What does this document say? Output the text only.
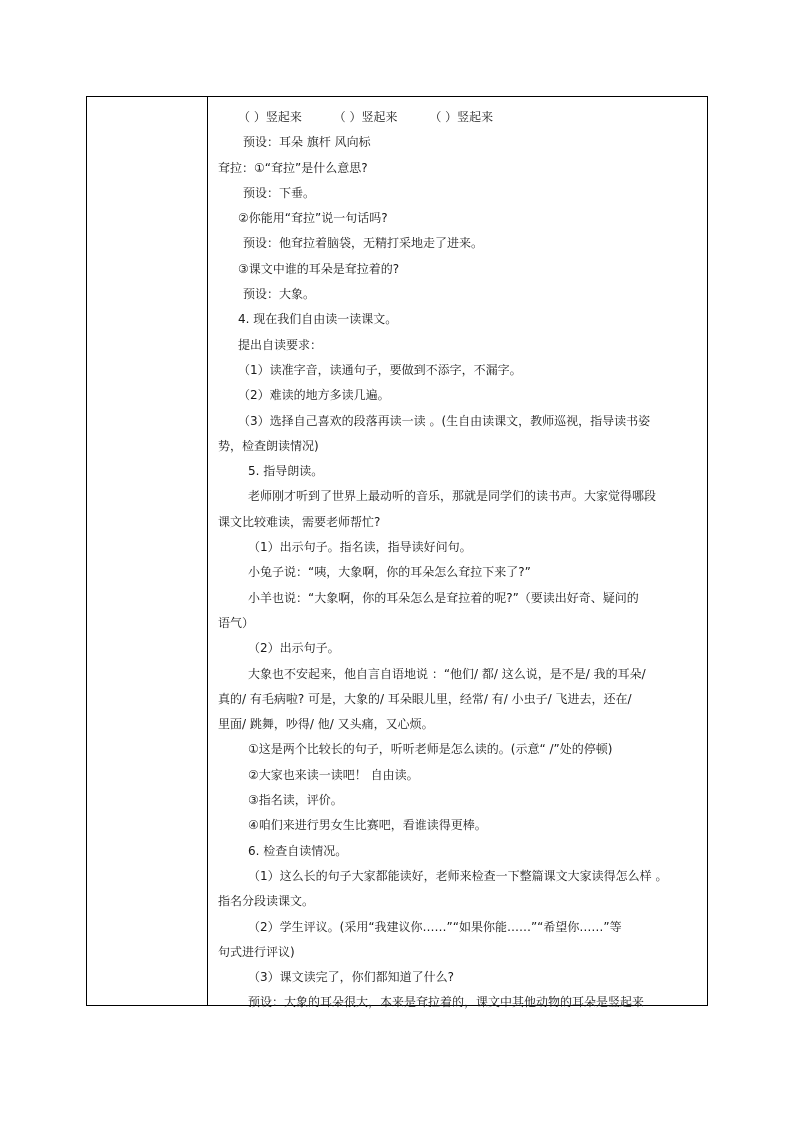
（ ）竖起来	（ ）竖起来	（ ）竖起来
预设：耳朵 旗杆 风向标
耷拉：①“耷拉”是什么意思?
预设：下垂。
②你能用“耷拉”说一句话吗?
预设：他耷拉着脑袋，无精打采地走了进来。
③课文中谁的耳朵是耷拉着的?
预设：大象。
4. 现在我们自由读一读课文。
提出自读要求：
（1）读准字音，读通句子，要做到不添字，不漏字。
（2）难读的地方多读几遍。
（3）选择自己喜欢的段落再读一读 。(生自由读课文，教师巡视，指导读书姿
势，检查朗读情况)
5. 指导朗读。
老师刚才听到了世界上最动听的音乐，那就是同学们的读书声。大家觉得哪段
课文比较难读，需要老师帮忙?
（1）出示句子。指名读，指导读好问句。
小兔子说：“咦，大象啊，你的耳朵怎么耷拉下来了?”
小羊也说：“大象啊，你的耳朵怎么是耷拉着的呢?”（要读出好奇、疑问的
语气）
（2）出示句子。
大象也不安起来，他自言自语地说 ：“他们/ 都/ 这么说，是不是/ 我的耳朵/
真的/ 有毛病啦? 可是，大象的/ 耳朵眼儿里，经常/ 有/ 小虫子/ 飞进去，还在/
里面/ 跳舞，吵得/ 他/ 又头痛，又心烦。
①这是两个比较长的句子，听听老师是怎么读的。(示意“ /”处的停顿)
②大家也来读一读吧！ 自由读。
③指名读，评价。
④咱们来进行男女生比赛吧，看谁读得更棒。
6. 检查自读情况。
（1）这么长的句子大家都能读好，老师来检查一下整篇课文大家读得怎么样 。
指名分段读课文。
（2）学生评议。(采用“我建议你……”“如果你能……”“希望你……”等
句式进行评议)
（3）课文读完了，你们都知道了什么?
预设：大象的耳朵很大，本来是耷拉着的，课文中其他动物的耳朵是竖起来
